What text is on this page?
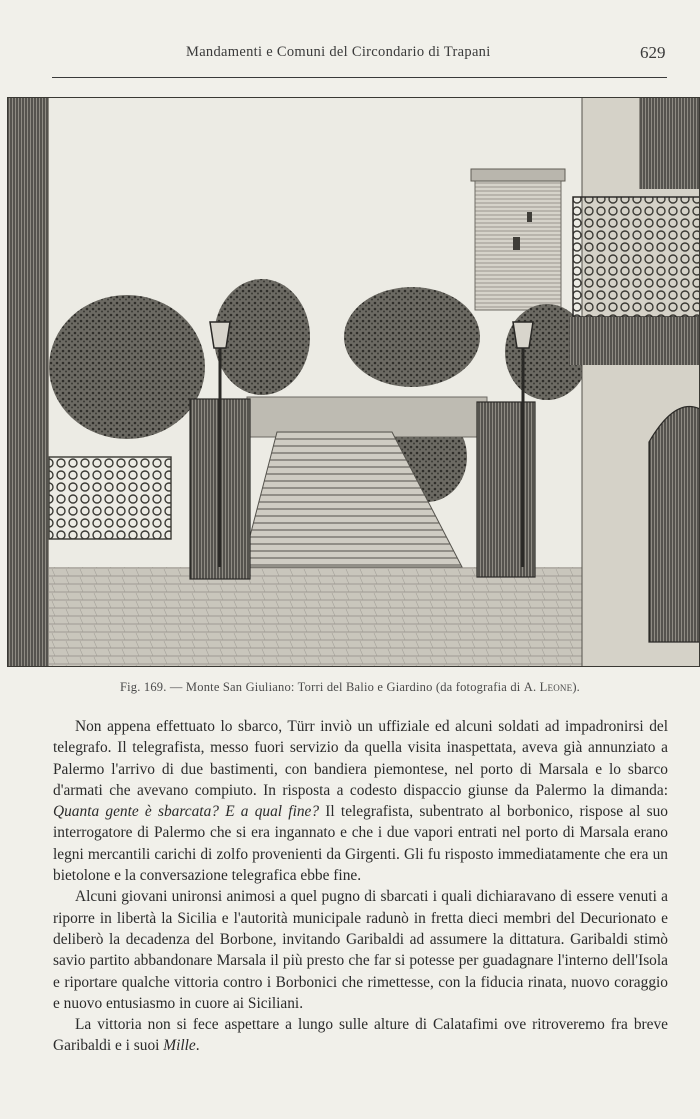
Mandamenti e Comuni del Circondario di Trapani	629
Fig. 169. — Monte San Giuliano: Torri del Balio e Giardino (da fotografia di A. Leone).

Non appena effettuato lo sbarco, Türr inviò un uffiziale ed alcuni soldati ad impadronirsi del telegrafo. Il telegrafista, messo fuori servizio da quella visita inaspettata, aveva già annunziato a Palermo l'arrivo di due bastimenti, con bandiera piemontese, nel porto di Marsala e lo sbarco d'armati che avevano compiuto. In risposta a codesto dispaccio giunse da Palermo la dimanda: Quanta gente è sbarcata? E a qual fine? Il telegrafista, subentrato al borbonico, rispose al suo interrogatore di Palermo che si era ingannato e che i due vapori entrati nel porto di Marsala erano legni mercantili carichi di zolfo provenienti da Girgenti. Gli fu risposto immediatamente che era un bietolone e la conversazione telegrafica ebbe fine.

Alcuni giovani unironsi animosi a quel pugno di sbarcati i quali dichiaravano di essere venuti a riporre in libertà la Sicilia e l'autorità municipale radunò in fretta dieci membri del Decurionato e deliberò la decadenza del Borbone, invitando Garibaldi ad assumere la dittatura. Garibaldi stimò savio partito abbandonare Marsala il più presto che far si potesse per guadagnare l'interno dell'Isola e riportare qualche vittoria contro i Borbonici che rimettesse, con la fiducia rinata, nuovo coraggio e nuovo entusiasmo in cuore ai Siciliani.

La vittoria non si fece aspettare a lungo sulle alture di Calatafimi ove ritroveremo fra breve Garibaldi e i suoi Mille.
